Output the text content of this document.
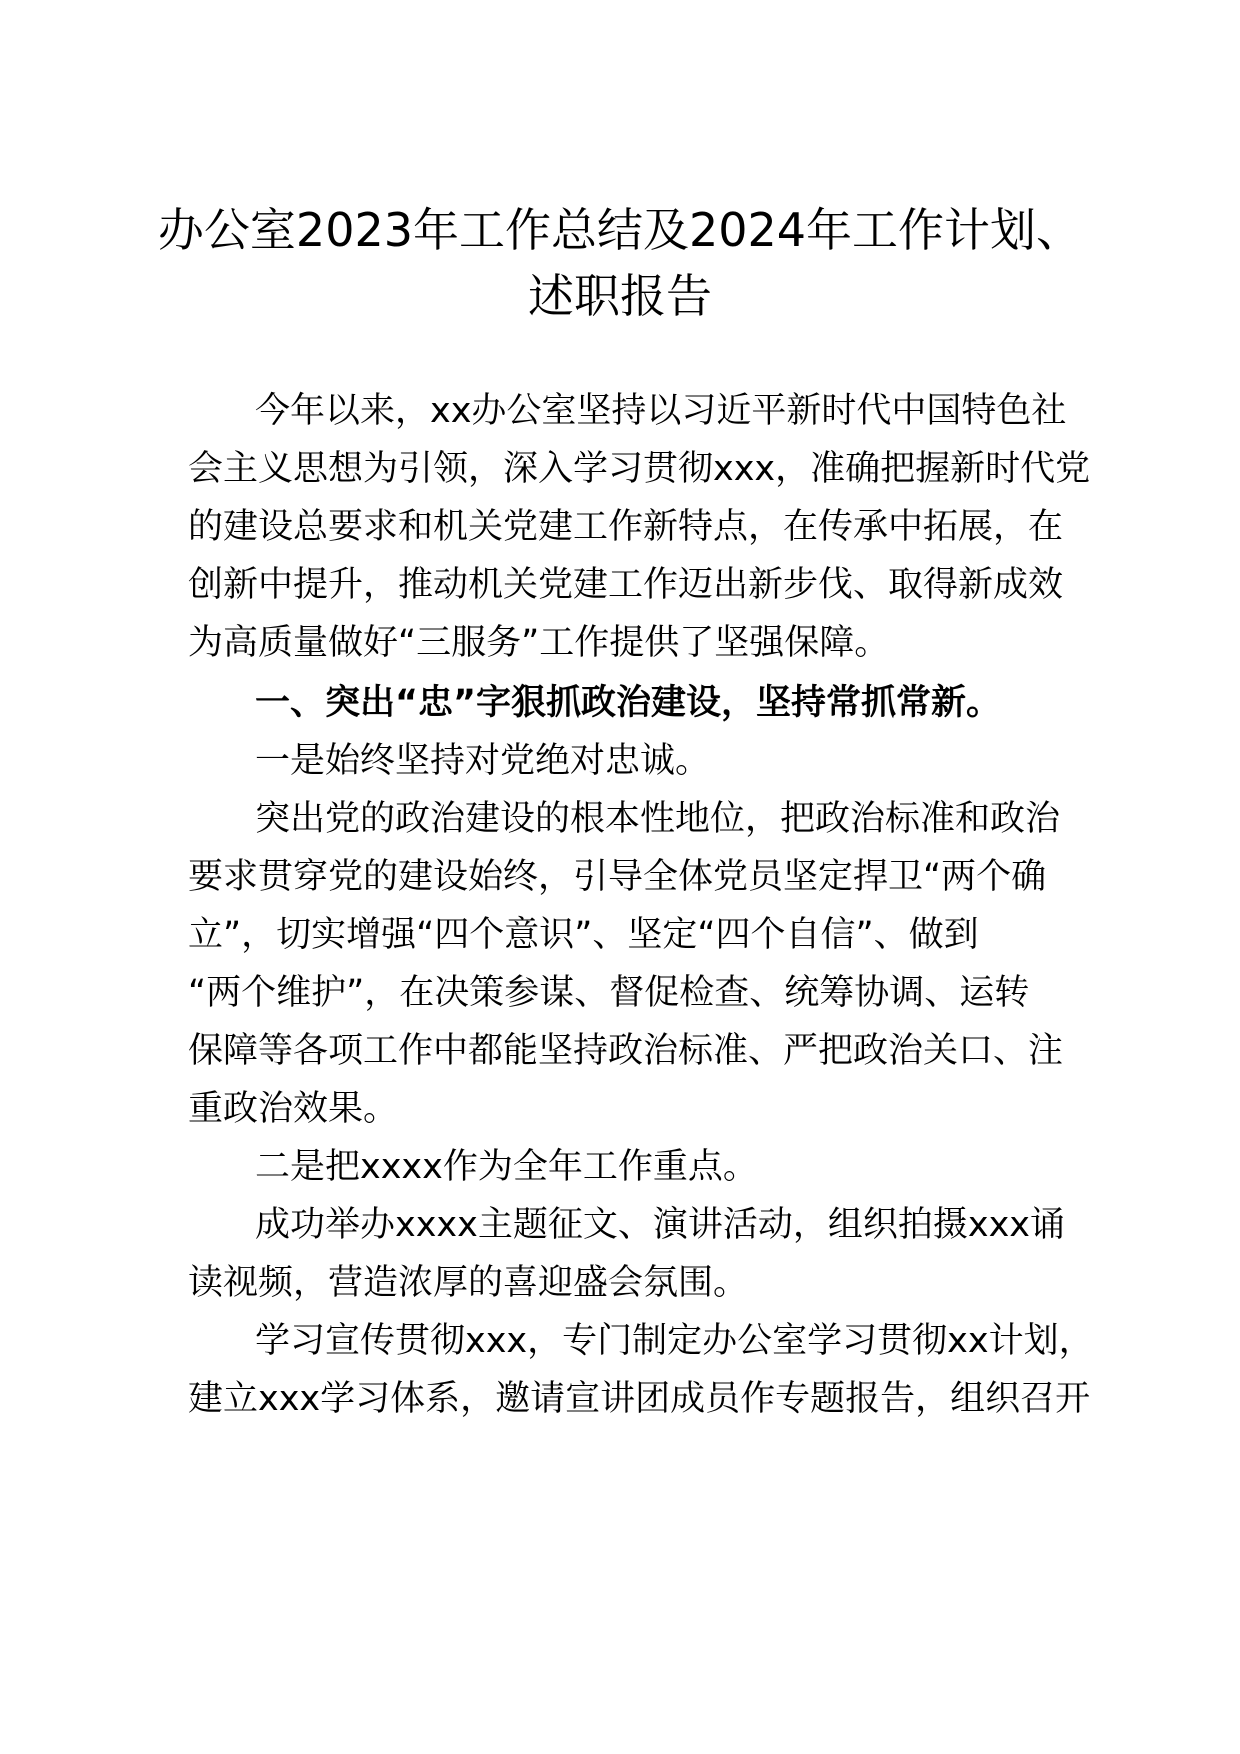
办公室2023年工作总结及2024年工作计划、
述职报告
今年以来，xx办公室坚持以习近平新时代中国特色社
会主义思想为引领，深入学习贯彻xxx，准确把握新时代党
的建设总要求和机关党建工作新特点，在传承中拓展，在
创新中提升，推动机关党建工作迈出新步伐、取得新成效
为高质量做好“三服务”工作提供了坚强保障。
一、突出“忠”字狠抓政治建设，坚持常抓常新。
一是始终坚持对党绝对忠诚。
突出党的政治建设的根本性地位，把政治标准和政治
要求贯穿党的建设始终，引导全体党员坚定捍卫“两个确
立”，切实增强“四个意识”、坚定“四个自信”、做到
“两个维护”，在决策参谋、督促检查、统筹协调、运转
保障等各项工作中都能坚持政治标准、严把政治关口、注
重政治效果。
二是把xxxx作为全年工作重点。
成功举办xxxx主题征文、演讲活动，组织拍摄xxx诵
读视频，营造浓厚的喜迎盛会氛围。
学习宣传贯彻xxx，专门制定办公室学习贯彻xx计划，
建立xxx学习体系，邀请宣讲团成员作专题报告，组织召开
